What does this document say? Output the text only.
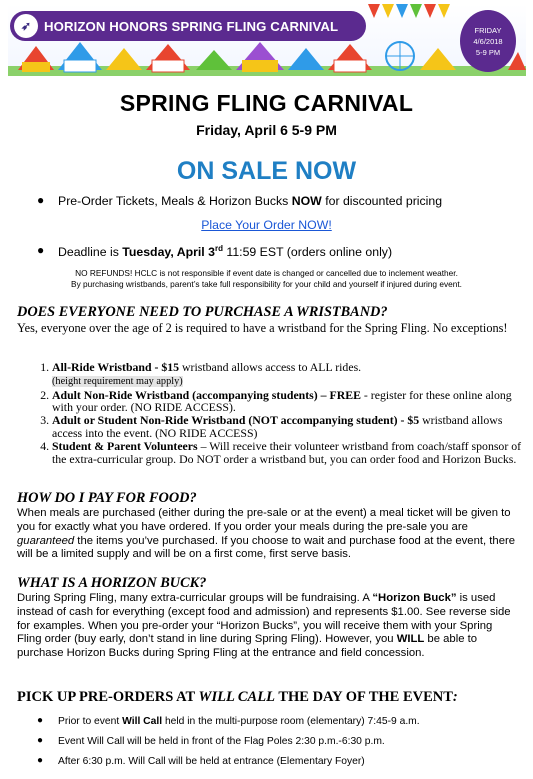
➶ HORIZON HONORS SPRING FLING CARNIVAL	FRIDAY
4/6/2018
5-9 PM
SPRING FLING CARNIVAL
Friday, April 6 5-9 PM
ON SALE NOW
● Pre-Order Tickets, Meals & Horizon Bucks NOW for discounted pricing
Place Your Order NOW!
● Deadline is Tuesday, April 3rd 11:59 EST (orders online only)
NO REFUNDS! HCLC is not responsible if event date is changed or cancelled due to inclement weather.
By purchasing wristbands, parent’s take full responsibility for your child and yourself if injured during event.
DOES EVERYONE NEED TO PURCHASE A WRISTBAND?
Yes, everyone over the age of 2 is required to have a wristband for the Spring Fling. No exceptions!
1. All-Ride Wristband - $15 wristband allows access to ALL rides.
(height requirement may apply)
2. Adult Non-Ride Wristband (accompanying students) – FREE - register for these online along with your order. (NO RIDE ACCESS).
3. Adult or Student Non-Ride Wristband (NOT accompanying student) - $5 wristband allows access into the event. (NO RIDE ACCESS)
4. Student & Parent Volunteers – Will receive their volunteer wristband from coach/staff sponsor of the extra-curricular group. Do NOT order a wristband but, you can order food and Horizon Bucks.
HOW DO I PAY FOR FOOD?
When meals are purchased (either during the pre-sale or at the event) a meal ticket will be given to you for exactly what you have ordered. If you order your meals during the pre-sale you are guaranteed the items you’ve purchased. If you choose to wait and purchase food at the event, there will be a limited supply and will be on a first come, first serve basis.
WHAT IS A HORIZON BUCK?
During Spring Fling, many extra-curricular groups will be fundraising. A “Horizon Buck” is used instead of cash for everything (except food and admission) and represents $1.00. See reverse side for examples. When you pre-order your “Horizon Bucks”, you will receive them with your Spring Fling order (buy early, don’t stand in line during Spring Fling). However, you WILL be able to purchase Horizon Bucks during Spring Fling at the entrance and field concession.
PICK UP PRE-ORDERS AT WILL CALL THE DAY OF THE EVENT:
● Prior to event Will Call held in the multi-purpose room (elementary) 7:45-9 a.m.
● Event Will Call will be held in front of the Flag Poles 2:30 p.m.-6:30 p.m.
● After 6:30 p.m. Will Call will be held at entrance (Elementary Foyer)
